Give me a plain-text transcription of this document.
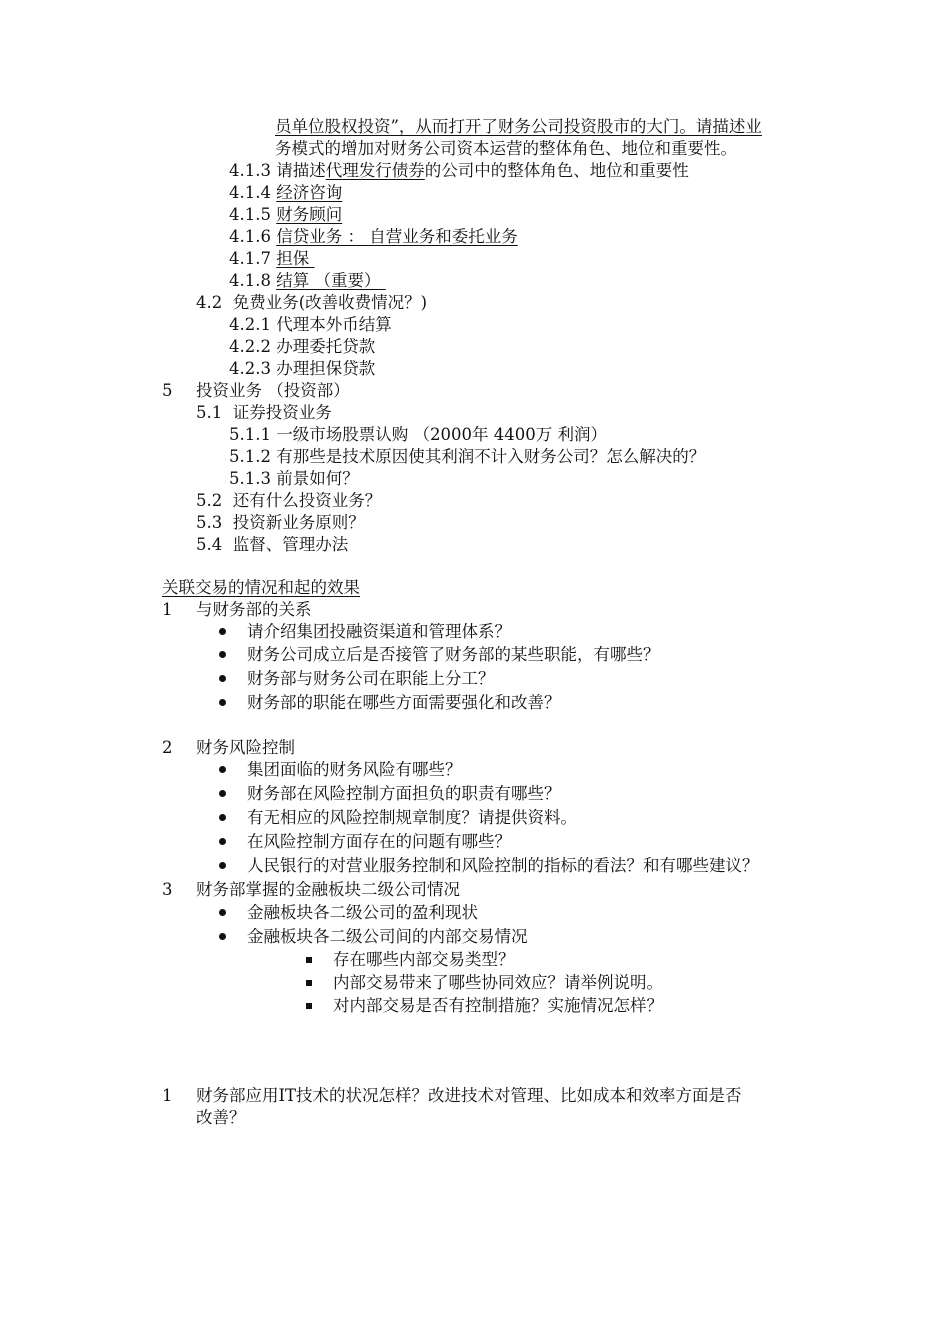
员单位股权投资”，从而打开了财务公司投资股市的大门。请描述业
务模式的增加对财务公司资本运营的整体角色、地位和重要性。
4.1.3 请描述代理发行债券的公司中的整体角色、地位和重要性
4.1.4 经济咨询
4.1.5 财务顾问
4.1.6 信贷业务 ： 自营业务和委托业务
4.1.7 担保
4.1.8 结算 （重要）
4.2 免费业务(改善收费情况？)
4.2.1 代理本外币结算
4.2.2 办理委托贷款
4.2.3 办理担保贷款
5 投资业务 （投资部）
5.1 证券投资业务
5.1.1 一级市场股票认购 （2000年 4400万 利润）
5.1.2 有那些是技术原因使其利润不计入财务公司？怎么解决的？
5.1.3 前景如何？
5.2 还有什么投资业务？
5.3 投资新业务原则？
5.4 监督、管理办法
关联交易的情况和起的效果
1 与财务部的关系
请介绍集团投融资渠道和管理体系？
财务公司成立后是否接管了财务部的某些职能，有哪些？
财务部与财务公司在职能上分工？
财务部的职能在哪些方面需要强化和改善？
2 财务风险控制
集团面临的财务风险有哪些？
财务部在风险控制方面担负的职责有哪些？
有无相应的风险控制规章制度？请提供资料。
在风险控制方面存在的问题有哪些？
人民银行的对营业服务控制和风险控制的指标的看法？和有哪些建议？
3 财务部掌握的金融板块二级公司情况
金融板块各二级公司的盈利现状
金融板块各二级公司间的内部交易情况
存在哪些内部交易类型？
内部交易带来了哪些协同效应？请举例说明。
对内部交易是否有控制措施？实施情况怎样？
1 财务部应用IT技术的状况怎样？改进技术对管理、比如成本和效率方面是否
改善？
